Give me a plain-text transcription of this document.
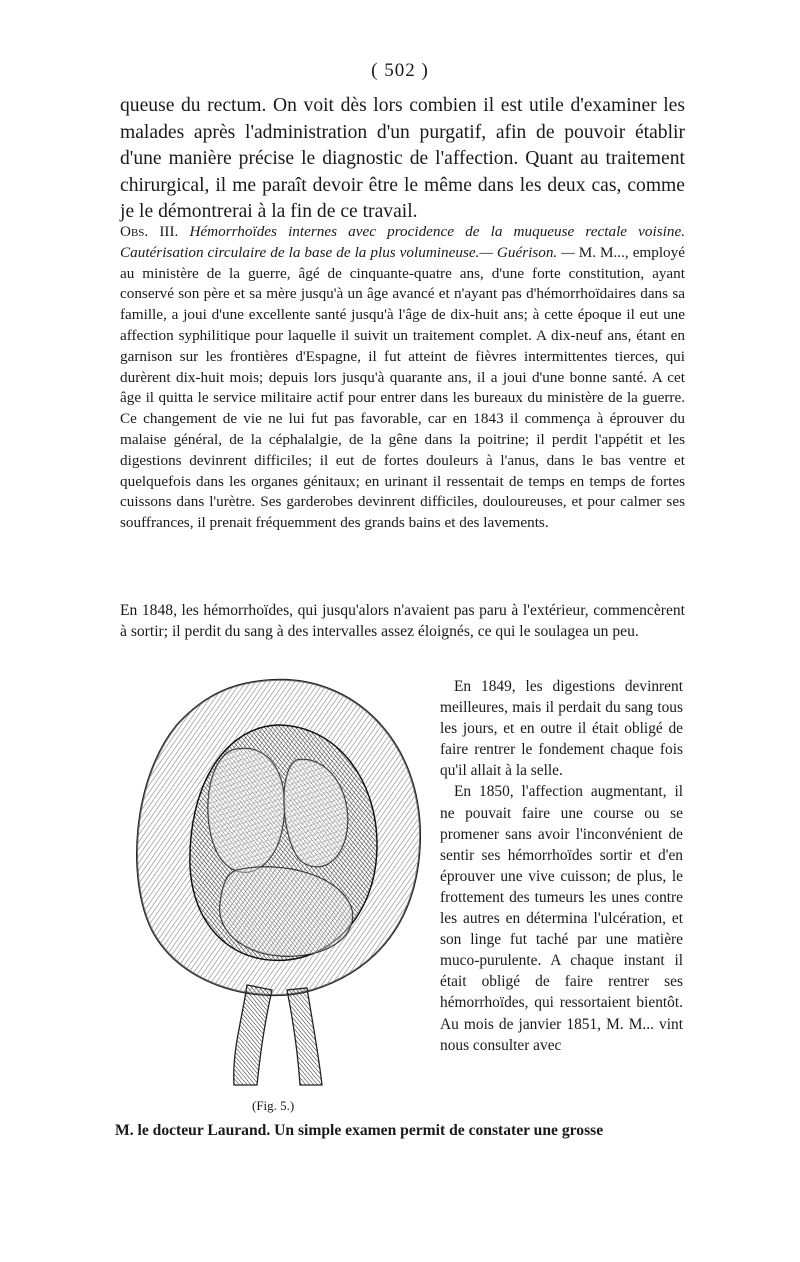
( 502 )

queuse du rectum. On voit dès lors combien il est utile d'examiner les malades après l'administration d'un purgatif, afin de pouvoir établir d'une manière précise le diagnostic de l'affection. Quant au traitement chirurgical, il me paraît devoir être le même dans les deux cas, comme je le démontrerai à la fin de ce travail.

Obs. III. Hémorrhoïdes internes avec procidence de la muqueuse rectale voisine. Cautérisation circulaire de la base de la plus volumineuse.— Guérison. — M. M..., employé au ministère de la guerre, âgé de cinquante-quatre ans, d'une forte constitution, ayant conservé son père et sa mère jusqu'à un âge avancé et n'ayant pas d'hémorrhoïdaires dans sa famille, a joui d'une excellente santé jusqu'à l'âge de dix-huit ans; à cette époque il eut une affection syphilitique pour laquelle il suivit un traitement complet. A dix-neuf ans, étant en garnison sur les frontières d'Espagne, il fut atteint de fièvres intermittentes tierces, qui durèrent dix-huit mois; depuis lors jusqu'à quarante ans, il a joui d'une bonne santé. A cet âge il quitta le service militaire actif pour entrer dans les bureaux du ministère de la guerre. Ce changement de vie ne lui fut pas favorable, car en 1843 il commença à éprouver du malaise général, de la céphalalgie, de la gêne dans la poitrine; il perdit l'appétit et les digestions devinrent difficiles; il eut de fortes douleurs à l'anus, dans le bas ventre et quelquefois dans les organes génitaux; en urinant il ressentait de temps en temps de fortes cuissons dans l'urètre. Ses garderobes devinrent difficiles, douloureuses, et pour calmer ses souffrances, il prenait fréquemment des grands bains et des lavements.

En 1848, les hémorrhoïdes, qui jusqu'alors n'avaient pas paru à l'extérieur, commencèrent à sortir; il perdit du sang à des intervalles assez éloignés, ce qui le soulagea un peu.

(Fig. 5.)

En 1849, les digestions devinrent meilleures, mais il perdait du sang tous les jours, et en outre il était obligé de faire rentrer le fondement chaque fois qu'il allait à la selle.

En 1850, l'affection augmentant, il ne pouvait faire une course ou se promener sans avoir l'inconvénient de sentir ses hémorrhoïdes sortir et d'en éprouver une vive cuisson; de plus, le frottement des tumeurs les unes contre les autres en détermina l'ulcération, et son linge fut taché par une matière muco-purulente. A chaque instant il était obligé de faire rentrer ses hémorrhoïdes, qui ressortaient bientôt. Au mois de janvier 1851, M. M... vint nous consulter avec

M. le docteur Laurand. Un simple examen permit de constater une grosse
